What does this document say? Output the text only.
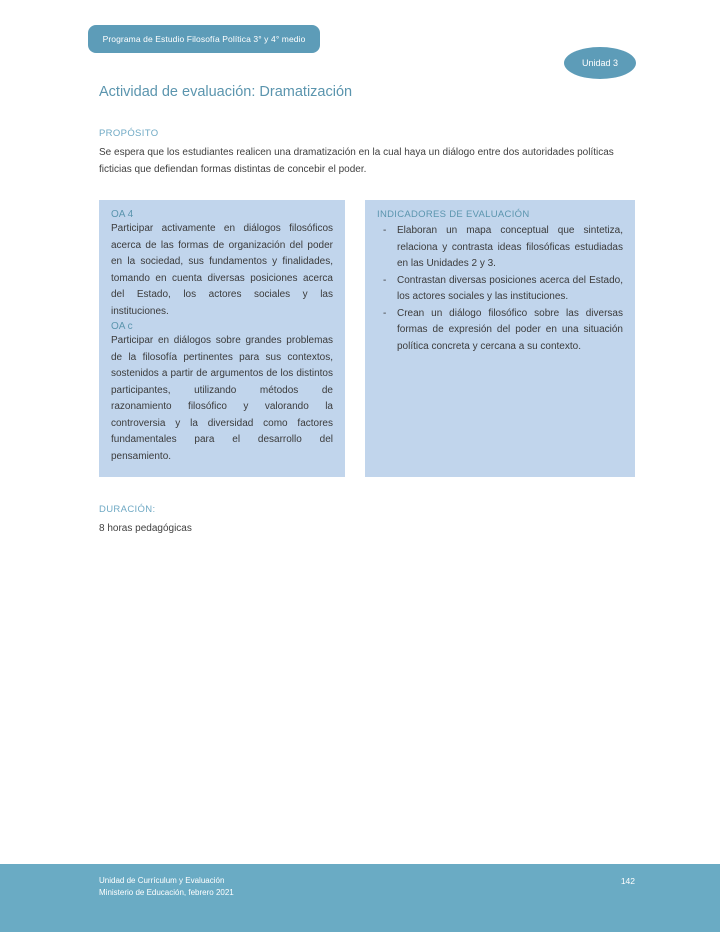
Programa de Estudio Filosofía Política 3° y 4° medio
Unidad 3
Actividad de evaluación: Dramatización
PROPÓSITO

Se espera que los estudiantes realicen una dramatización en la cual haya un diálogo entre dos autoridades políticas ficticias que defiendan formas distintas de concebir el poder.

OA 4

Participar activamente en diálogos filosóficos acerca de las formas de organización del poder en la sociedad, sus fundamentos y finalidades, tomando en cuenta diversas posiciones acerca del Estado, los actores sociales y las instituciones.

OA c

Participar en diálogos sobre grandes problemas de la filosofía pertinentes para sus contextos, sostenidos a partir de argumentos de los distintos participantes, utilizando métodos de razonamiento filosófico y valorando la controversia y la diversidad como factores fundamentales para el desarrollo del pensamiento.

INDICADORES DE EVALUACIÓN
-	Elaboran un mapa conceptual que sintetiza, relaciona y contrasta ideas filosóficas estudiadas en las Unidades 2 y 3.
-	Contrastan diversas posiciones acerca del Estado, los actores sociales y las instituciones.
-	Crean un diálogo filosófico sobre las diversas formas de expresión del poder en una situación política concreta y cercana a su contexto.
DURACIÓN:

8 horas pedagógicas

Unidad de Currículum y Evaluación
Ministerio de Educación, febrero 2021
142
